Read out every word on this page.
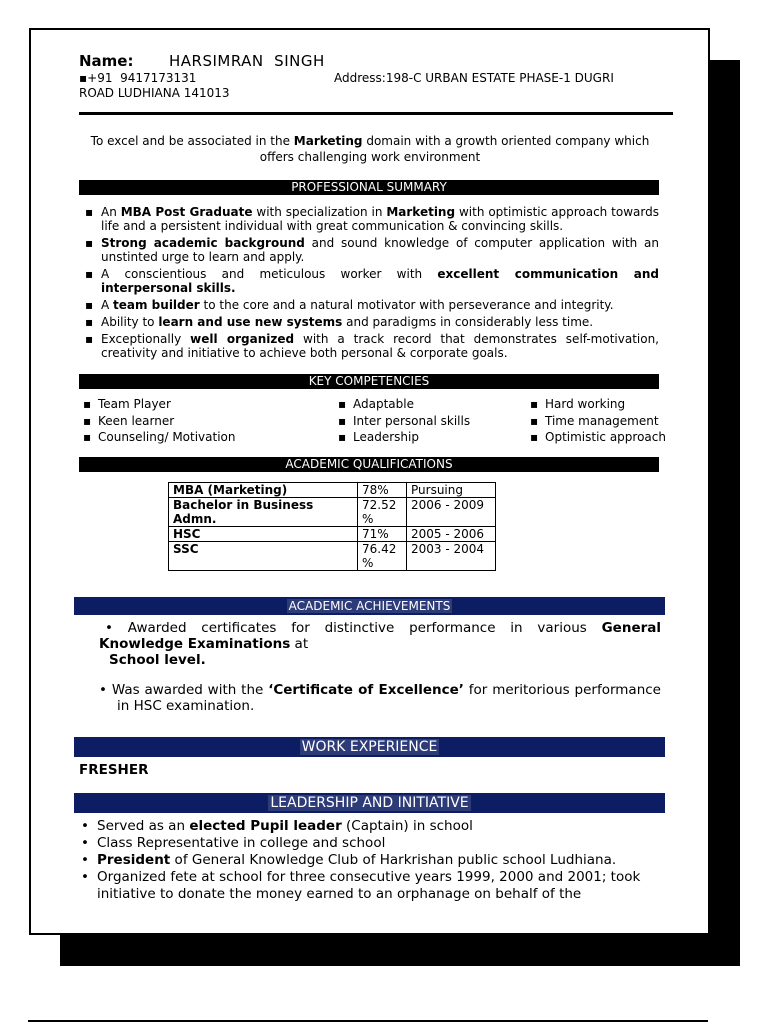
Name: HARSIMRAN  SINGH
▪+91  9417173131	Address:198-C URBAN ESTATE PHASE-1 DUGRI
ROAD LUDHIANA 141013
To excel and be associated in the Marketing domain with a growth oriented company which offers challenging work environment
PROFESSIONAL SUMMARY
▪ An MBA Post Graduate with specialization in Marketing with optimistic approach towards life and a persistent individual with great communication & convincing skills.
▪ Strong academic background and sound knowledge of computer application with an unstinted urge to learn and apply.
▪ A conscientious and meticulous worker with excellent communication and interpersonal skills.
▪ A team builder to the core and a natural motivator with perseverance and integrity.
▪ Ability to learn and use new systems and paradigms in considerably less time.
▪ Exceptionally well organized with a track record that demonstrates self-motivation, creativity and initiative to achieve both personal & corporate goals.
KEY COMPETENCIES
▪ Team Player
▪ Keen learner
▪ Counseling/ Motivation
▪ Adaptable
▪ Inter personal skills
▪ Leadership
▪ Hard working
▪ Time management
▪ Optimistic approach
ACADEMIC QUALIFICATIONS
MBA (Marketing)	78%	Pursuing
Bachelor in Business Admn.	72.52 %	2006 - 2009
HSC	71%	2005 - 2006
SSC	76.42 %	2003 - 2004
ACADEMIC ACHIEVEMENTS

• Awarded certificates for distinctive performance in various General Knowledge Examinations at

School level.

• Was awarded with the ‘Certificate of Excellence’ for meritorious performance in HSC examination.

WORK EXPERIENCE
FRESHER
LEADERSHIP AND INITIATIVE
• Served as an elected Pupil leader (Captain) in school
• Class Representative in college and school
• President of General Knowledge Club of Harkrishan public school Ludhiana.
• Organized fete at school for three consecutive years 1999, 2000 and 2001; took initiative to donate the money earned to an orphanage on behalf of the
